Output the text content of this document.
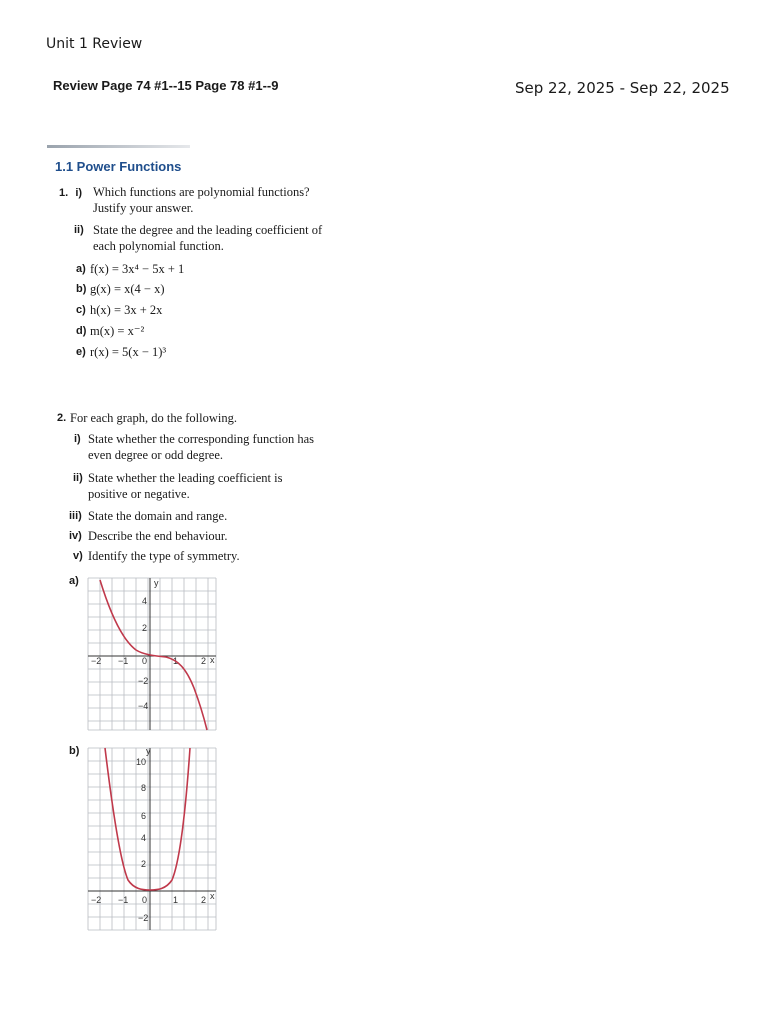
Unit 1 Review
Review Page 74 #1--15 Page 78 #1--9	Sep 22, 2025 - Sep 22, 2025
1.1 Power Functions
1. i) Which functions are polynomial functions? Justify your answer.
ii) State the degree and the leading coefficient of each polynomial function.
a) f(x) = 3x⁴ − 5x + 1
b) g(x) = x(4 − x)
c) h(x) = 3x + 2x
d) m(x) = x⁻²
e) r(x) = 5(x − 1)³
2. For each graph, do the following.
i) State whether the corresponding function has even degree or odd degree.
ii) State whether the leading coefficient is positive or negative.
iii) State the domain and range.
iv) Describe the end behaviour.
v) Identify the type of symmetry.
a)	y
x
−2 −1 0	1	2
4
2
−2
−4
b)	y
x
−2 −1 0	1	2
10
8
6
4
2
−2
